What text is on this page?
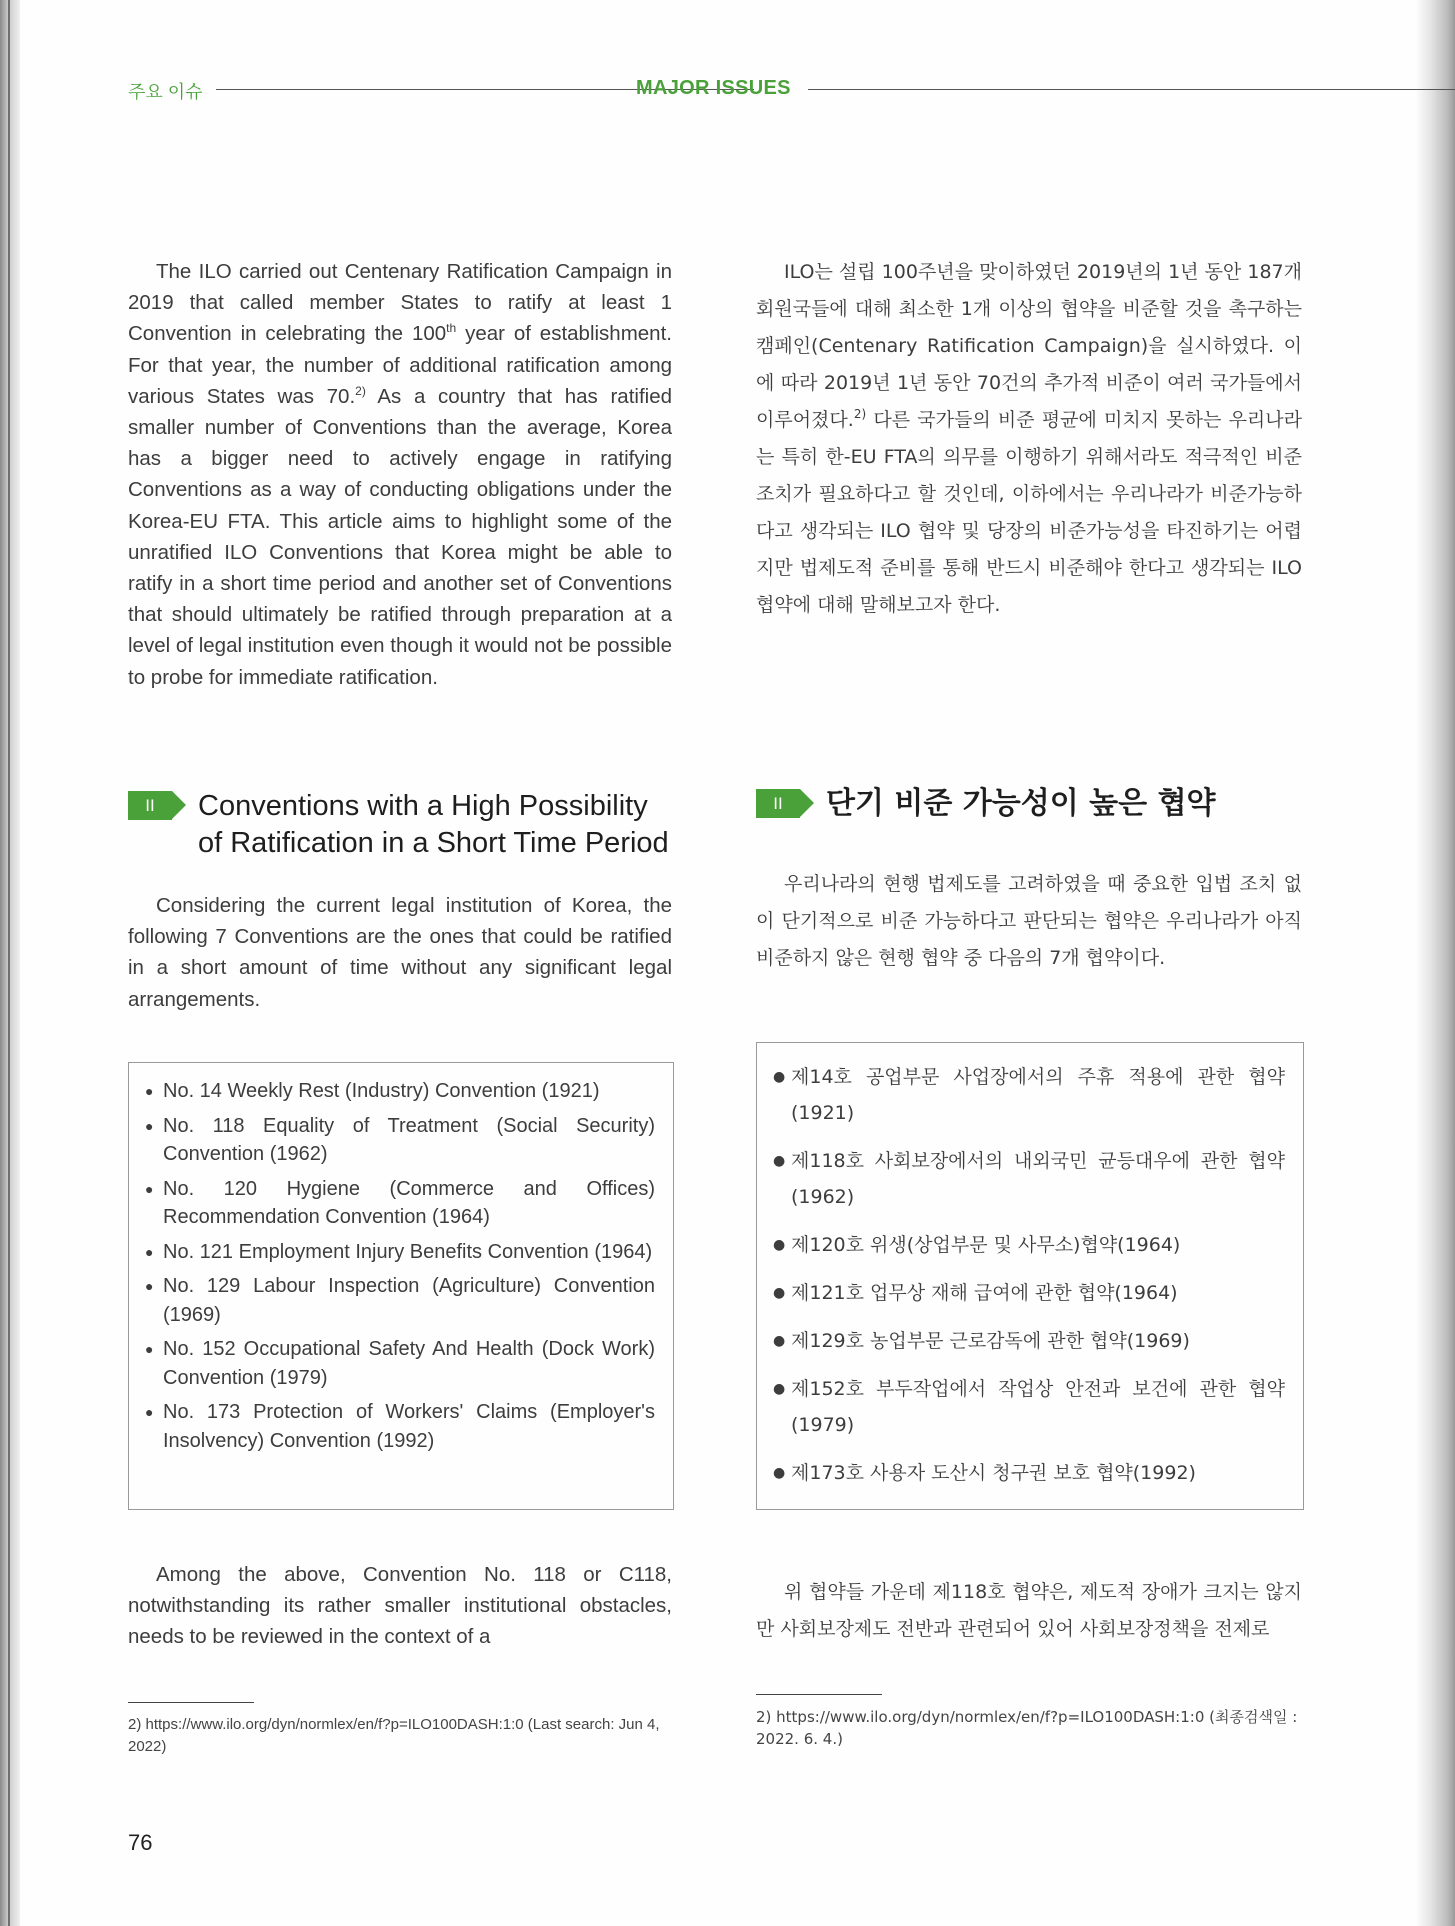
주요 이슈	MAJOR ISSUES

The ILO carried out Centenary Ratification Campaign in 2019 that called member States to ratify at least 1 Convention in celebrating the 100th year of establishment. For that year, the number of additional ratification among various States was 70.$^{2)}$ As a country that has ratified smaller number of Conventions than the average, Korea has a bigger need to actively engage in ratifying Conventions as a way of conducting obligations under the Korea-EU FTA. This article aims to highlight some of the unratified ILO Conventions that Korea might be able to ratify in a short time period and another set of Conventions that should ultimately be ratified through preparation at a level of legal institution even though it would not be possible to probe for immediate ratification.

ILO는 설립 100주년을 맞이하였던 2019년의 1년 동안 187개 회원국들에 대해 최소한 1개 이상의 협약을 비준할 것을 촉구하는 캠페인(Centenary Ratification Campaign)을 실시하였다. 이에 따라 2019년 1년 동안 70건의 추가적 비준이 여러 국가들에서 이루어졌다.$^{2)}$ 다른 국가들의 비준 평균에 미치지 못하는 우리나라는 특히 한-EU FTA의 의무를 이행하기 위해서라도 적극적인 비준 조치가 필요하다고 할 것인데, 이하에서는 우리나라가 비준가능하다고 생각되는 ILO 협약 및 당장의 비준가능성을 타진하기는 어렵지만 법제도적 준비를 통해 반드시 비준해야 한다고 생각되는 ILO 협약에 대해 말해보고자 한다.

II	Conventions with a High Possibility of Ratification in a Short Time Period
II	단기 비준 가능성이 높은 협약

Considering the current legal institution of Korea, the following 7 Conventions are the ones that could be ratified in a short amount of time without any significant legal arrangements.

우리나라의 현행 법제도를 고려하였을 때 중요한 입법 조치 없이 단기적으로 비준 가능하다고 판단되는 협약은 우리나라가 아직 비준하지 않은 현행 협약 중 다음의 7개 협약이다.

● No. 14 Weekly Rest (Industry) Convention (1921)
● No. 118 Equality of Treatment (Social Security) Convention (1962)
● No. 120 Hygiene (Commerce and Offices) Recommendation Convention (1964)
● No. 121 Employment Injury Benefits Convention (1964)
● No. 129 Labour Inspection (Agriculture) Convention (1969)
● No. 152 Occupational Safety And Health (Dock Work) Convention (1979)
● No. 173 Protection of Workers' Claims (Employer's Insolvency) Convention (1992)
● 제14호 공업부문 사업장에서의 주휴 적용에 관한 협약 (1921)
● 제118호 사회보장에서의 내외국민 균등대우에 관한 협약 (1962)
● 제120호 위생(상업부문 및 사무소)협약(1964)
● 제121호 업무상 재해 급여에 관한 협약(1964)
● 제129호 농업부문 근로감독에 관한 협약(1969)
● 제152호 부두작업에서 작업상 안전과 보건에 관한 협약 (1979)
● 제173호 사용자 도산시 청구권 보호 협약(1992)

Among the above, Convention No. 118 or C118, notwithstanding its rather smaller institutional obstacles, needs to be reviewed in the context of a

위 협약들 가운데 제118호 협약은, 제도적 장애가 크지는 않지만 사회보장제도 전반과 관련되어 있어 사회보장정책을 전제로

2) https://www.ilo.org/dyn/normlex/en/f?p=ILO100DASH:1:0 (Last search: Jun 4, 2022)
2) https://www.ilo.org/dyn/normlex/en/f?p=ILO100DASH:1:0 (최종검색일 : 2022. 6. 4.)
76
